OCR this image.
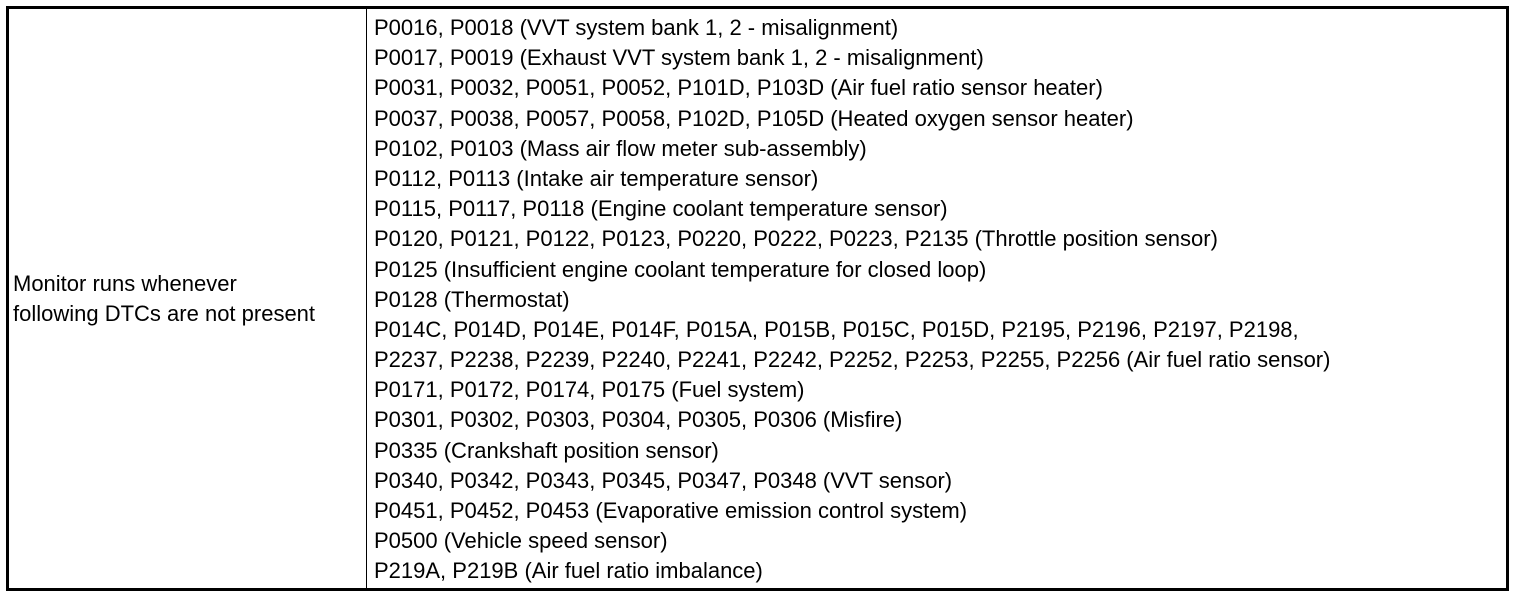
Monitor runs whenever
following DTCs are not present
P0016, P0018 (VVT system bank 1, 2 - misalignment)
P0017, P0019 (Exhaust VVT system bank 1, 2 - misalignment)
P0031, P0032, P0051, P0052, P101D, P103D (Air fuel ratio sensor heater)
P0037, P0038, P0057, P0058, P102D, P105D (Heated oxygen sensor heater)
P0102, P0103 (Mass air flow meter sub-assembly)
P0112, P0113 (Intake air temperature sensor)
P0115, P0117, P0118 (Engine coolant temperature sensor)
P0120, P0121, P0122, P0123, P0220, P0222, P0223, P2135 (Throttle position sensor)
P0125 (Insufficient engine coolant temperature for closed loop)
P0128 (Thermostat)
P014C, P014D, P014E, P014F, P015A, P015B, P015C, P015D, P2195, P2196, P2197, P2198,
P2237, P2238, P2239, P2240, P2241, P2242, P2252, P2253, P2255, P2256 (Air fuel ratio sensor)
P0171, P0172, P0174, P0175 (Fuel system)
P0301, P0302, P0303, P0304, P0305, P0306 (Misfire)
P0335 (Crankshaft position sensor)
P0340, P0342, P0343, P0345, P0347, P0348 (VVT sensor)
P0451, P0452, P0453 (Evaporative emission control system)
P0500 (Vehicle speed sensor)
P219A, P219B (Air fuel ratio imbalance)
